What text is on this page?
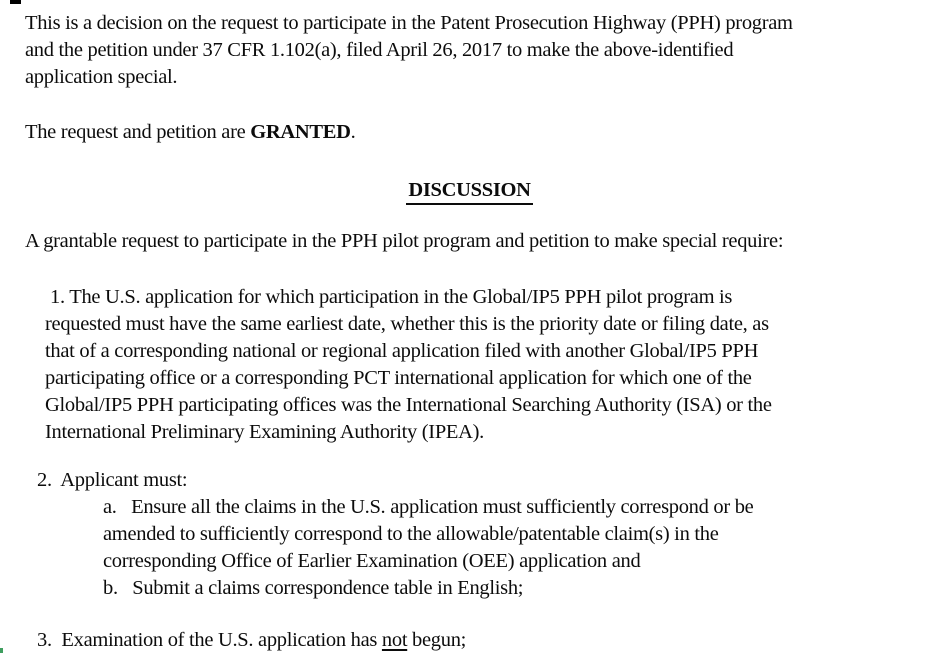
This is a decision on the request to participate in the Patent Prosecution Highway (PPH) program
and the petition under 37 CFR 1.102(a), filed April 26, 2017 to make the above-identified
application special.
The request and petition are GRANTED.
DISCUSSION
A grantable request to participate in the PPH pilot program and petition to make special require:
1. The U.S. application for which participation in the Global/IP5 PPH pilot program is
requested must have the same earliest date, whether this is the priority date or filing date, as
that of a corresponding national or regional application filed with another Global/IP5 PPH
participating office or a corresponding PCT international application for which one of the
Global/IP5 PPH participating offices was the International Searching Authority (ISA) or the
International Preliminary Examining Authority (IPEA).
2.  Applicant must:
a.   Ensure all the claims in the U.S. application must sufficiently correspond or be
amended to sufficiently correspond to the allowable/patentable claim(s) in the
corresponding Office of Earlier Examination (OEE) application and
b.   Submit a claims correspondence table in English;
3.  Examination of the U.S. application has not begun;
